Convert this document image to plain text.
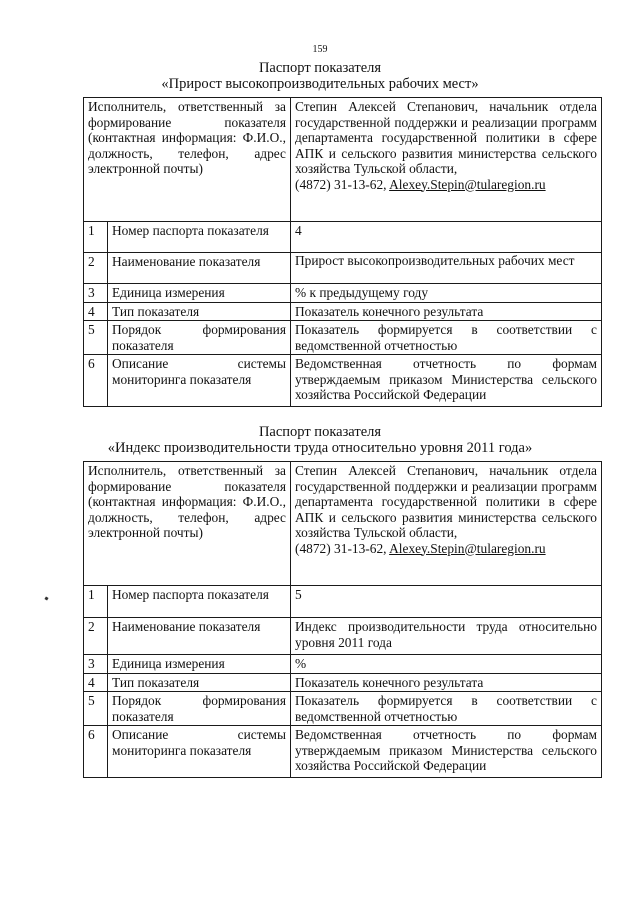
159
Паспорт показателя
«Прирост высокопроизводительных рабочих мест»
Исполнитель, ответственный за формирование показателя (контактная информация: Ф.И.О., должность, телефон, адрес электронной почты)	Степин Алексей Степанович, начальник отдела государственной поддержки и реализации программ департамента государственной политики в сфере АПК и сельского развития министерства сельского хозяйства Тульской области,
(4872) 31-13-62, Alexey.Stepin@tularegion.ru
1	Номер паспорта показателя	4
2	Наименование показателя	Прирост высокопроизводительных рабочих мест
3	Единица измерения	% к предыдущему году
4	Тип показателя	Показатель конечного результата
5	Порядок формирования показателя	Показатель формируется в соответствии с ведомственной отчетностью
6	Описание системы мониторинга показателя	Ведомственная отчетность по формам утверждаемым приказом Министерства сельского хозяйства Российской Федерации
Паспорт показателя
«Индекс производительности труда относительно уровня 2011 года»
Исполнитель, ответственный за формирование показателя (контактная информация: Ф.И.О., должность, телефон, адрес электронной почты)	Степин Алексей Степанович, начальник отдела государственной поддержки и реализации программ департамента государственной политики в сфере АПК и сельского развития министерства сельского хозяйства Тульской области,
(4872) 31-13-62, Alexey.Stepin@tularegion.ru
1	Номер паспорта показателя	5
2	Наименование показателя	Индекс производительности труда относительно уровня 2011 года
3	Единица измерения	%
4	Тип показателя	Показатель конечного результата
5	Порядок формирования показателя	Показатель формируется в соответствии с ведомственной отчетностью
6	Описание системы мониторинга показателя	Ведомственная отчетность по формам утверждаемым приказом Министерства сельского хозяйства Российской Федерации
